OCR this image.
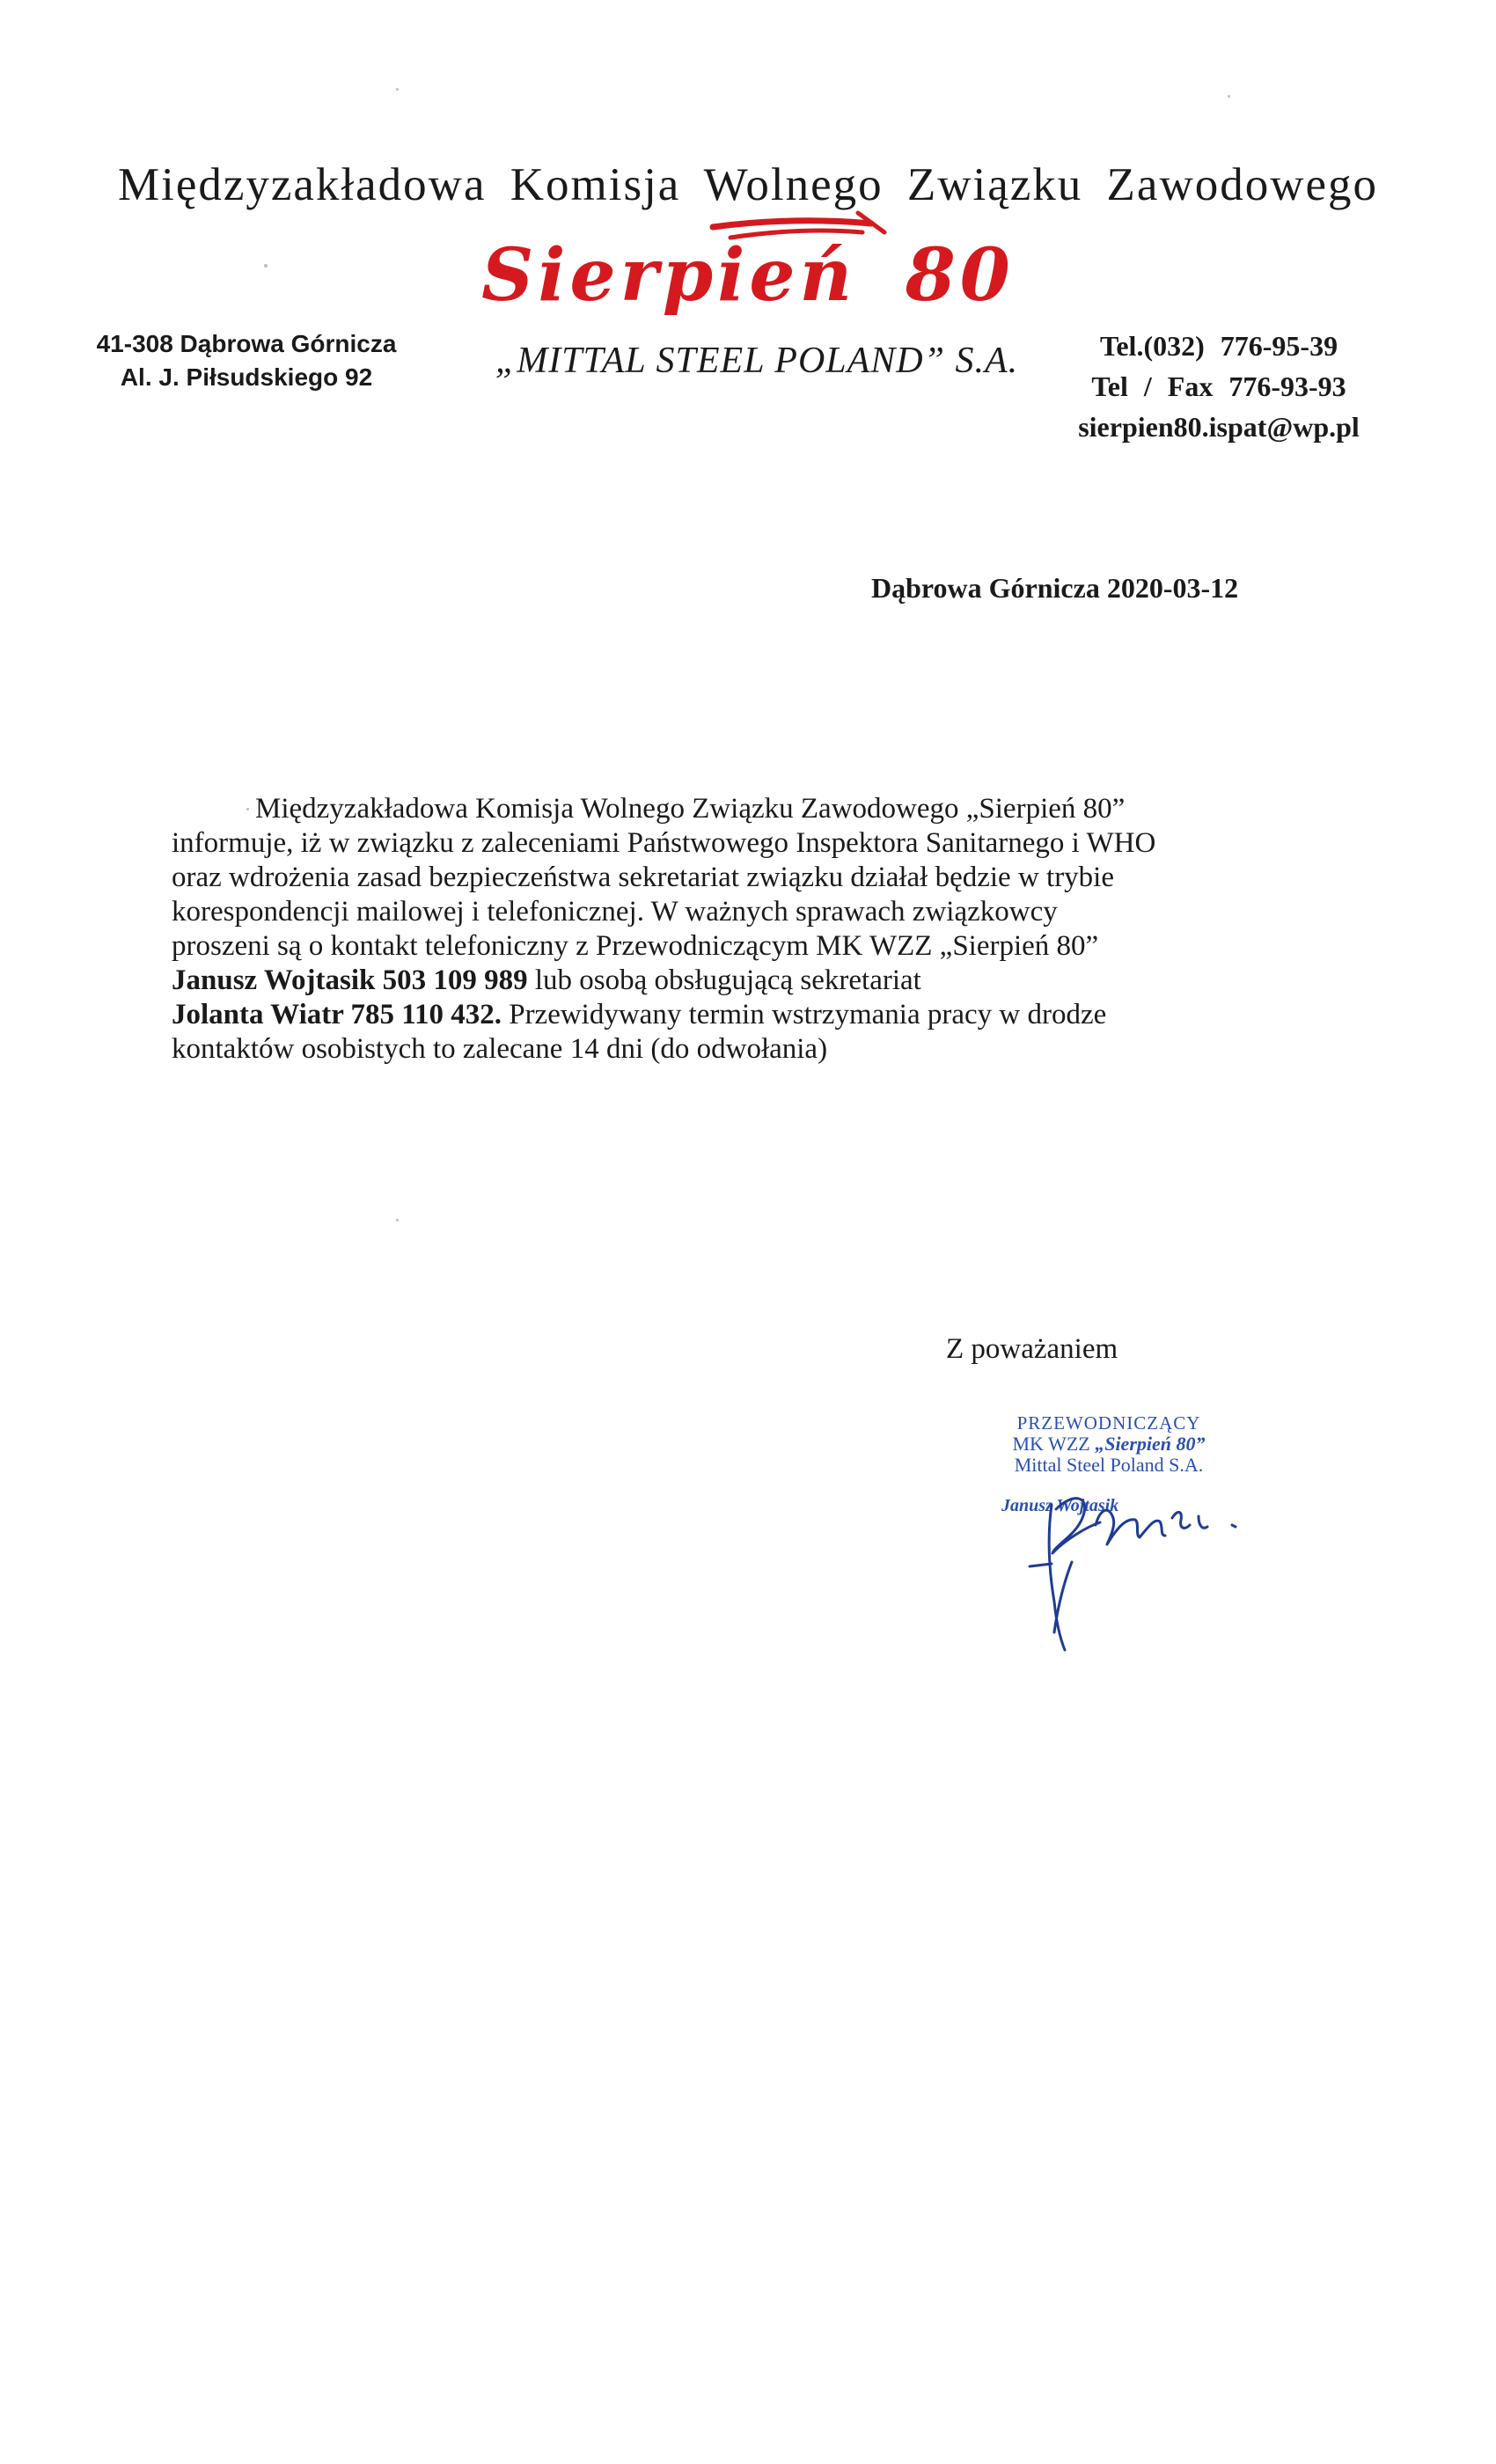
Międzyzakładowa Komisja Wolnego Związku Zawodowego
Sierpień 80
41-308 Dąbrowa Górnicza
Al. J. Piłsudskiego 92	„MITTAL STEEL POLAND” S.A.	Tel.(032) 776-95-39
Tel / Fax 776-93-93
sierpien80.ispat@wp.pl
Dąbrowa Górnicza 2020-03-12
Międzyzakładowa Komisja Wolnego Związku Zawodowego „Sierpień 80”
informuje, iż w związku z zaleceniami Państwowego Inspektora Sanitarnego i WHO
oraz wdrożenia zasad bezpieczeństwa sekretariat związku działał będzie w trybie
korespondencji mailowej i telefonicznej. W ważnych sprawach związkowcy
proszeni są o kontakt telefoniczny z Przewodniczącym MK WZZ „Sierpień 80”
Janusz Wojtasik 503 109 989 lub osobą obsługującą sekretariat
Jolanta Wiatr 785 110 432. Przewidywany termin wstrzymania pracy w drodze
kontaktów osobistych to zalecane 14 dni (do odwołania)
Z poważaniem
PRZEWODNICZĄCY
MK WZZ „Sierpień 80”
Mittal Steel Poland S.A.
Janusz Wojtasik
